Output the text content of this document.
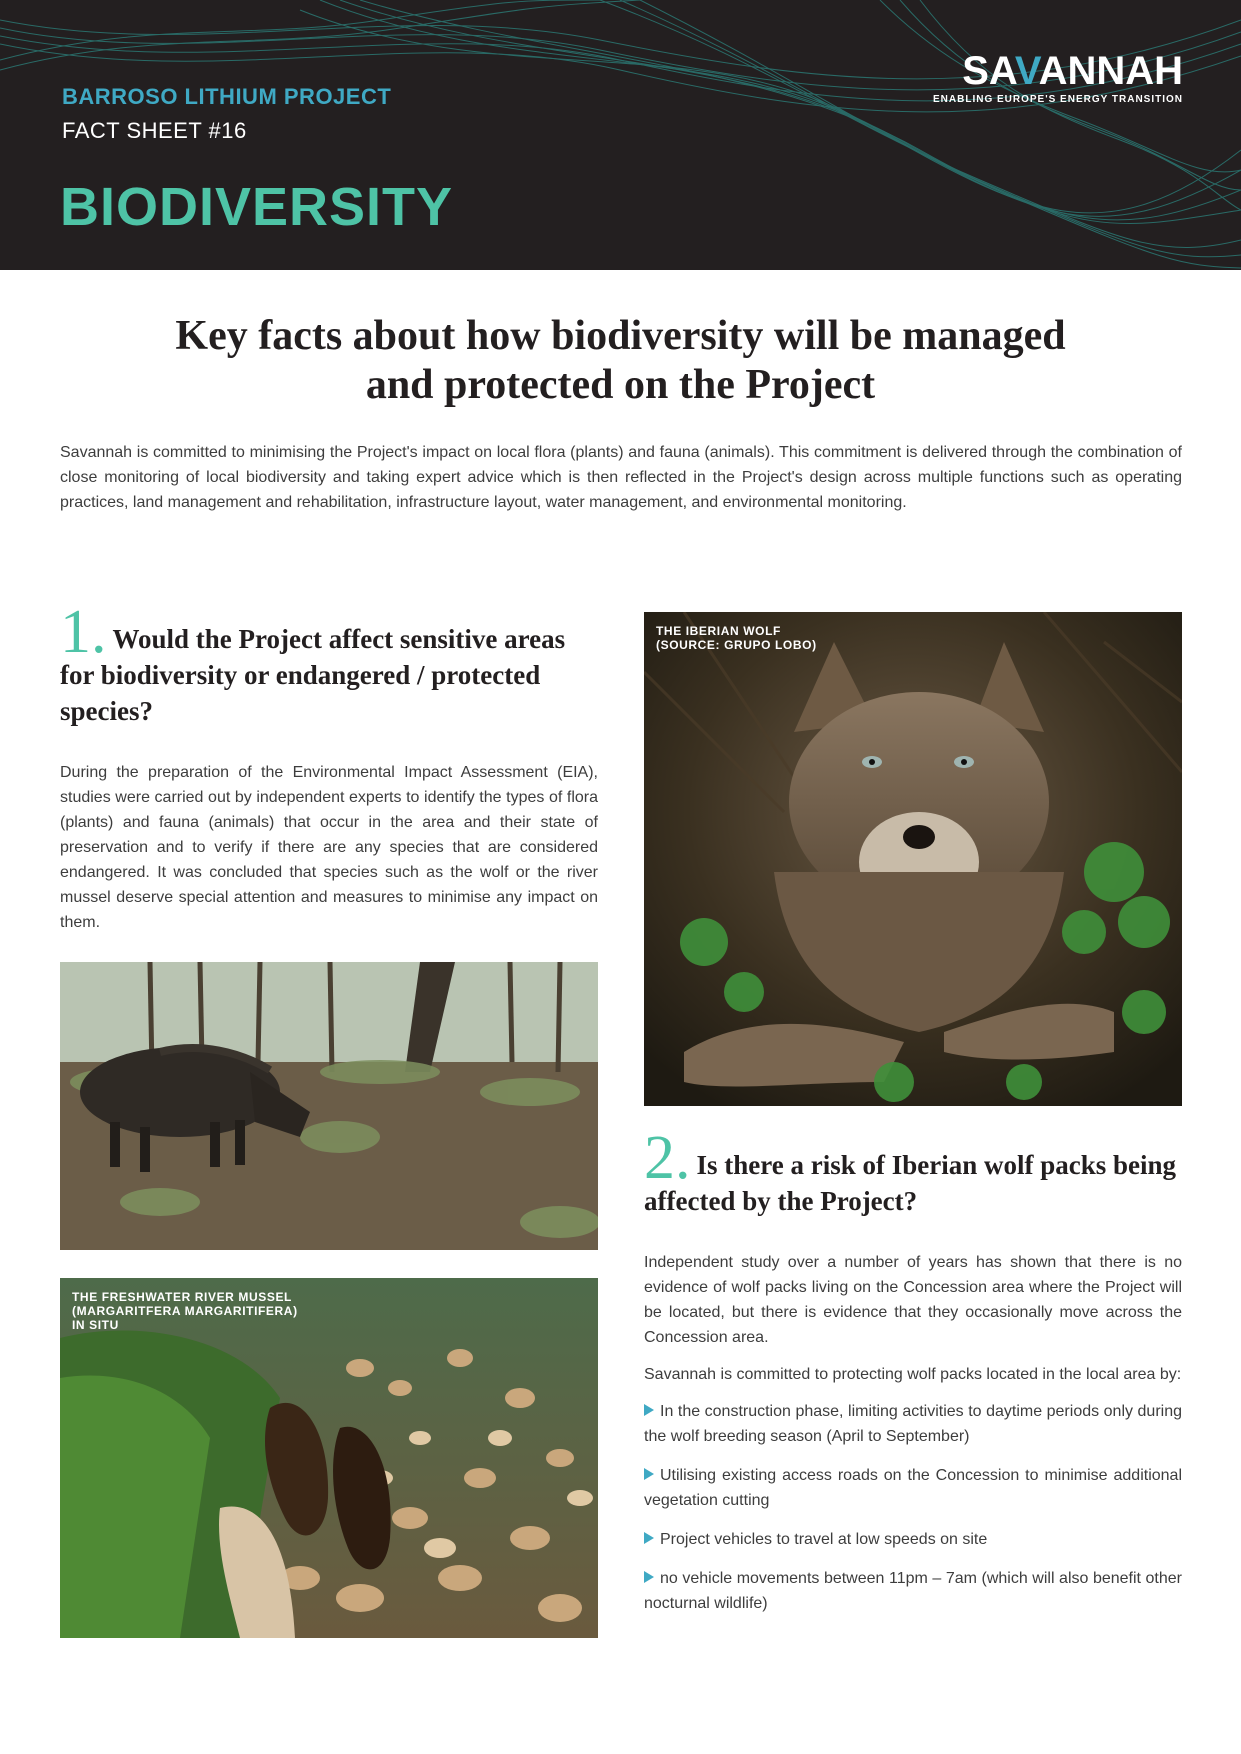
BARROSO LITHIUM PROJECT
FACT SHEET #16
BIODIVERSITY
SAVANNAH
ENABLING EUROPE'S ENERGY TRANSITION
Key facts about how biodiversity will be managed
and protected on the Project
Savannah is committed to minimising the Project's impact on local flora (plants) and fauna (animals). This commitment is delivered through the combination of close monitoring of local biodiversity and taking expert advice which is then reflected in the Project's design across multiple functions such as operating practices, land management and rehabilitation, infrastructure layout, water management, and environmental monitoring.
1. Would the Project affect sensitive areas for biodiversity or endangered / protected species?
During the preparation of the Environmental Impact Assessment (EIA), studies were carried out by independent experts to identify the types of flora (plants) and fauna (animals) that occur in the area and their state of preservation and to verify if there are any species that are considered endangered. It was concluded that species such as the wolf or the river mussel deserve special attention and measures to minimise any impact on them.
THE IBERIAN WOLF
(SOURCE: GRUPO LOBO)
THE FRESHWATER RIVER MUSSEL
(MARGARITFERA MARGARITIFERA)
IN SITU
2. Is there a risk of Iberian wolf packs being affected by the Project?

Independent study over a number of years has shown that there is no evidence of wolf packs living on the Concession area where the Project will be located, but there is evidence that they occasionally move across the Concession area.

Savannah is committed to protecting wolf packs located in the local area by:

In the construction phase, limiting activities to daytime periods only during the wolf breeding season (April to September)
Utilising existing access roads on the Concession to minimise additional vegetation cutting
Project vehicles to travel at low speeds on site
no vehicle movements between 11pm – 7am (which will also benefit other nocturnal wildlife)
